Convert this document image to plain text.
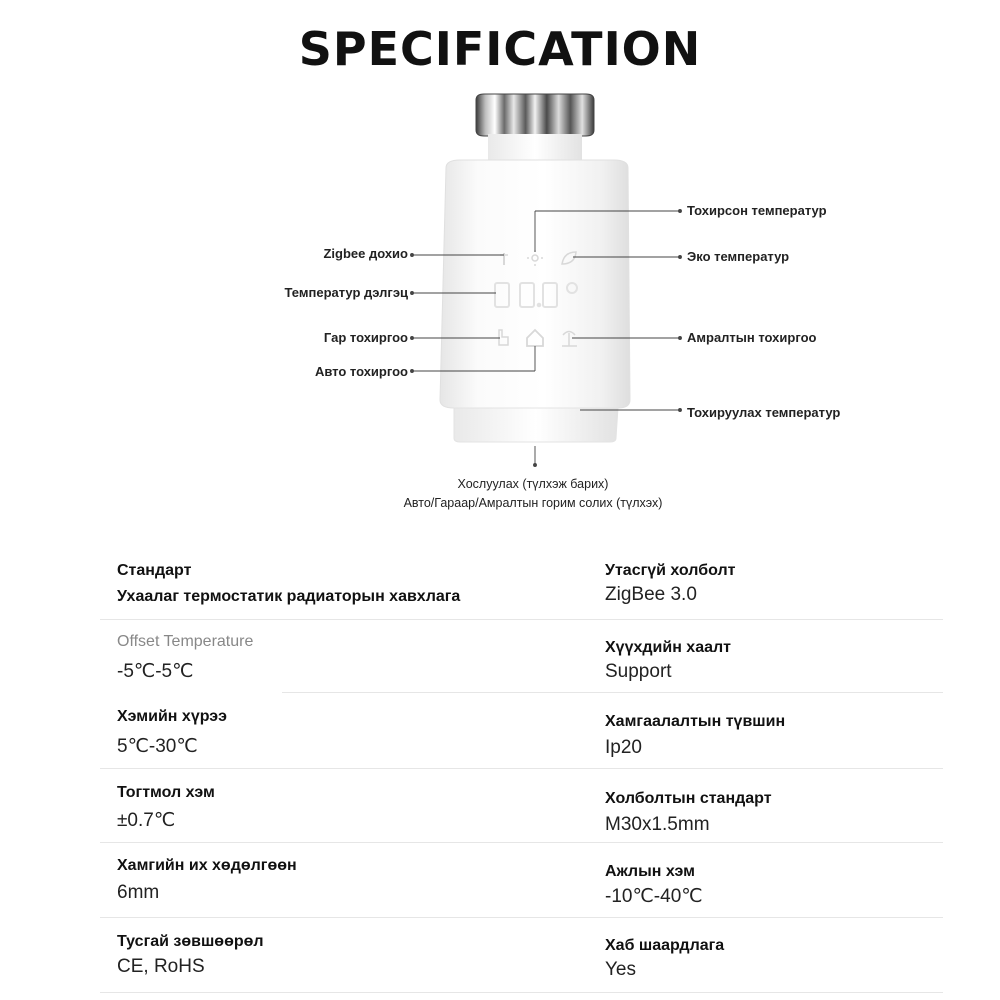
SPECIFICATION
Zigbee дохио
Температур дэлгэц
Гар тохиргоо
Авто тохиргоо
Тохирсон температур
Эко температур
Амралтын тохиргоо
Тохируулах температур
Хослуулах (түлхэж барих)
Авто/Гараар/Амралтын горим солих (түлхэх)
Стандарт
Ухаалаг термостатик радиаторын хавхлага
Offset Temperature
-5℃-5℃
Хэмийн хүрээ
5℃-30℃
Тогтмол хэм
±0.7℃
Хамгийн их хөдөлгөөн
6mm
Тусгай зөвшөөрөл
CE, RoHS
Утасгүй холболт
ZigBee 3.0
Хүүхдийн хаалт
Support
Хамгаалалтын түвшин
Ip20
Холболтын стандарт
M30x1.5mm
Ажлын хэм
-10℃-40℃
Хаб шаардлага
Yes
